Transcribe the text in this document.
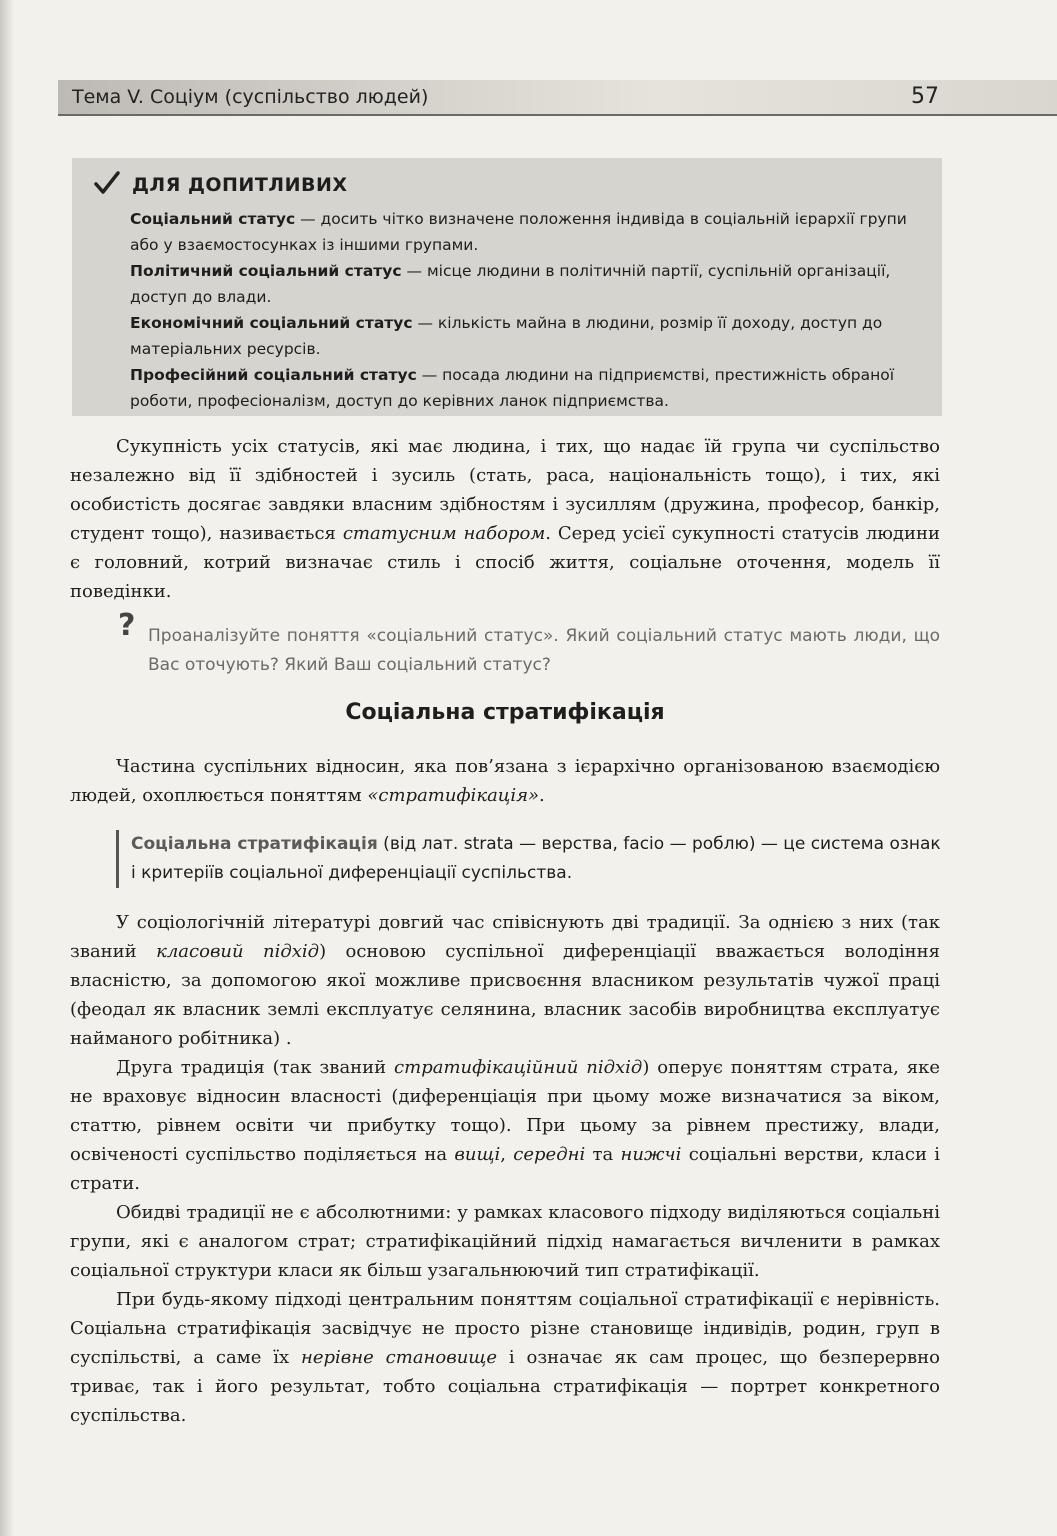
Тема V. Соціум (суспільство людей)	57
ДЛЯ ДОПИТЛИВИХ

Соціальний статус — досить чітко визначене положення індивіда в соціальній ієрархії групи або у взаємостосунках із іншими групами.

Політичний соціальний статус — місце людини в політичній партії, суспільній організації, доступ до влади.

Економічний соціальний статус — кількість майна в людини, розмір її доходу, доступ до матеріальних ресурсів.

Професійний соціальний статус — посада людини на підприємстві, престижність обраної роботи, професіоналізм, доступ до керівних ланок підприємства.

Сукупність усіх статусів, які має людина, і тих, що надає їй група чи суспільство незалежно від її здібностей і зусиль (стать, раса, національність тощо), і тих, які особистість досягає завдяки власним здібностям і зусиллям (дружина, професор, банкір, студент тощо), називається статусним набором. Серед усієї сукупності статусів людини є головний, котрий визначає стиль і спосіб життя, соціальне оточення, модель її поведінки.

? Проаналізуйте поняття «соціальний статус». Який соціальний статус мають люди, що Вас оточують? Який Ваш соціальний статус?
Соціальна стратифікація

Частина суспільних відносин, яка пов’язана з ієрархічно організованою взаємодією людей, охоплюється поняттям «стратифікація».

Соціальна стратифікація (від лат. strata — верства, facio — роблю) — це система ознак і критеріїв соціальної диференціації суспільства.

У соціологічній літературі довгий час співіснують дві традиції. За однією з них (так званий класовий підхід) основою суспільної диференціації вважається володіння власністю, за допомогою якої можливе присвоєння власником результатів чужої праці (феодал як власник землі експлуатує селянина, власник засобів виробництва експлуатує найманого робітника) .

Друга традиція (так званий стратифікаційний підхід) оперує поняттям страта, яке не враховує відносин власності (диференціація при цьому може визначатися за віком, статтю, рівнем освіти чи прибутку тощо). При цьому за рівнем престижу, влади, освіченості суспільство поділяється на вищі, середні та нижчі соціальні верстви, класи і страти.

Обидві традиції не є абсолютними: у рамках класового підходу виділяються соціальні групи, які є аналогом страт; стратифікаційний підхід намагається вичленити в рамках соціальної структури класи як більш узагальнюючий тип стратифікації.

При будь-якому підході центральним поняттям соціальної стратифікації є нерівність. Соціальна стратифікація засвідчує не просто різне становище індивідів, родин, груп в суспільстві, а саме їх нерівне становище і означає як сам процес, що безперервно триває, так і його результат, тобто соціальна стратифікація — портрет конкретного суспільства.
